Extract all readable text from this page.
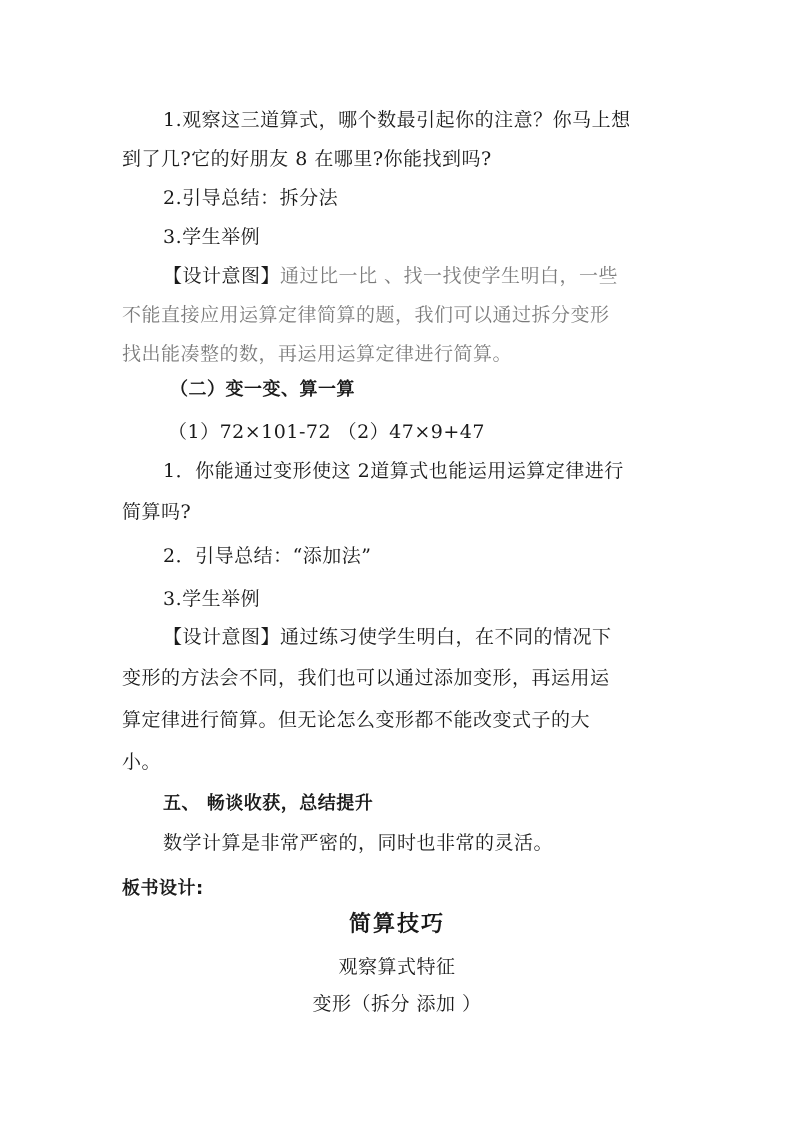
1.观察这三道算式，哪个数最引起你的注意？你马上想
到了几?它的好朋友 8 在哪里?你能找到吗?
2.引导总结：拆分法
3.学生举例
【设计意图】通过比一比 、找一找使学生明白，一些
不能直接应用运算定律简算的题，我们可以通过拆分变形
找出能凑整的数，再运用运算定律进行简算。
（二）变一变、算一算
（1）72×101-72 （2）47×9+47
1．你能通过变形使这 2道算式也能运用运算定律进行
简算吗?
2．引导总结：“添加法”
3.学生举例
【设计意图】通过练习使学生明白，在不同的情况下
变形的方法会不同，我们也可以通过添加变形，再运用运
算定律进行简算。但无论怎么变形都不能改变式子的大
小。
五、 畅谈收获，总结提升
数学计算是非常严密的，同时也非常的灵活。
板书设计:
简算技巧
观察算式特征
变形（拆分 添加 ）
